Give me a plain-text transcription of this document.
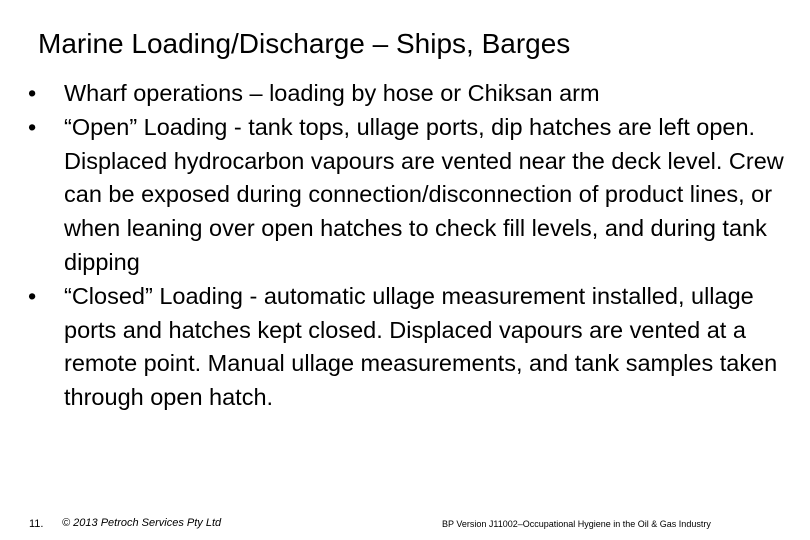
Marine Loading/Discharge – Ships, Barges
•	Wharf operations – loading by hose or Chiksan arm
•	“Open” Loading - tank tops, ullage ports, dip hatches are left open. Displaced hydrocarbon vapours are vented near the deck level. Crew can be exposed during connection/disconnection of product lines, or when leaning over open hatches to check fill levels, and during tank dipping
•	“Closed” Loading - automatic ullage measurement installed, ullage ports and hatches kept closed. Displaced vapours are vented at a remote point. Manual ullage measurements, and tank samples taken through open hatch.
11. © 2013 Petroch Services Pty Ltd	BP Version J11002–Occupational Hygiene in the Oil & Gas Industry
